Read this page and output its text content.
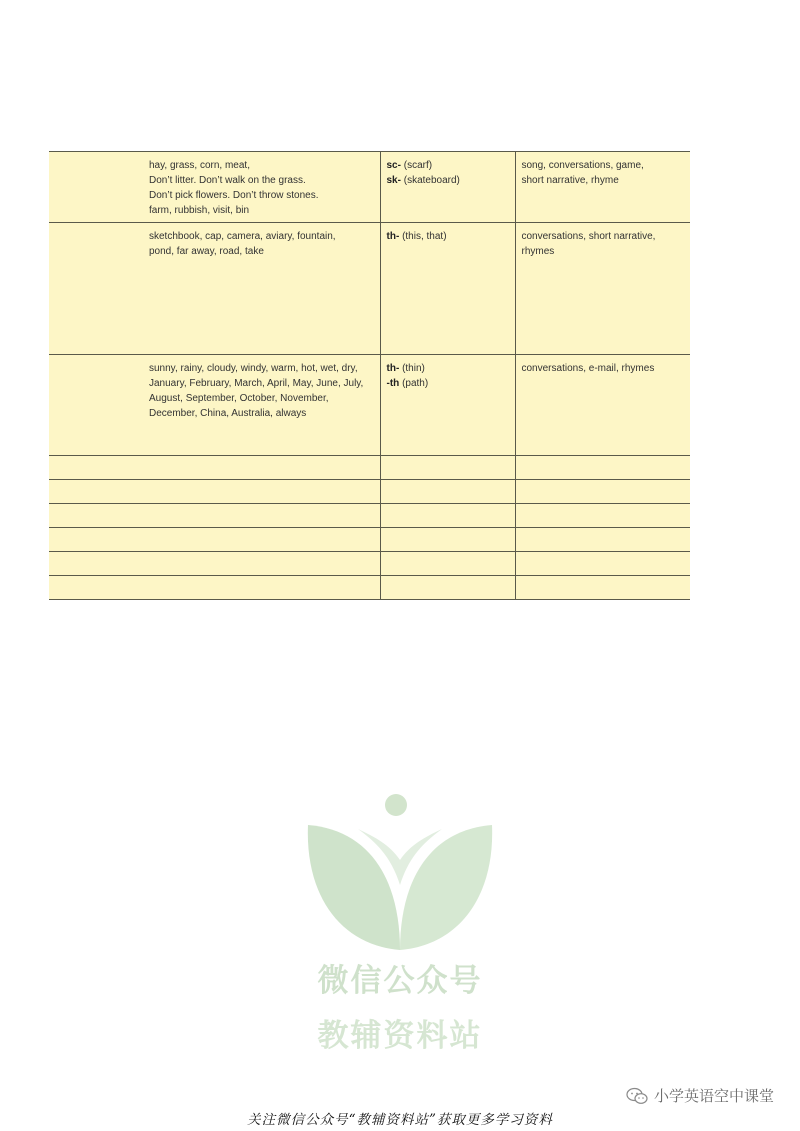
	hay, grass, corn, meat,
Don’t litter. Don’t walk on the grass.
Don’t pick flowers. Don’t throw stones.
farm, rubbish, visit, bin	sc- (scarf)
sk- (skateboard)	song, conversations, game,
short narrative, rhyme

	sketchbook, cap, camera, aviary, fountain,
pond, far away, road, take	th- (this, that)	conversations, short narrative,
rhymes

	sunny, rainy, cloudy, windy, warm, hot, wet, dry,
January, February, March, April, May, June, July,
August, September, October, November,
December, China, Australia, always	th- (thin)
-th (path)	conversations, e-mail, rhymes

微信公众号
教辅资料站
小学英语空中课堂
关注微信公众号“教辅资料站”获取更多学习资料
